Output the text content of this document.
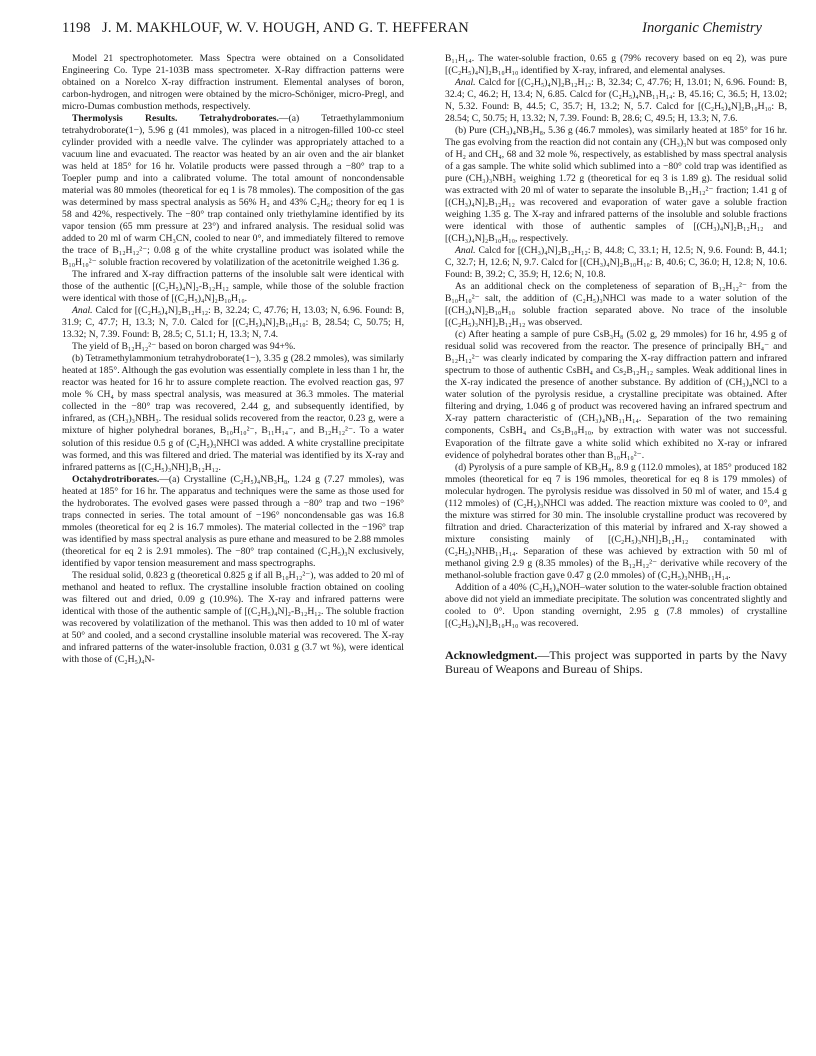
1198 J. M. MAKHLOUF, W. V. HOUGH, AND G. T. HEFFERAN	Inorganic Chemistry

Model 21 spectrophotometer. Mass Spectra were obtained on a Consolidated Engineering Co. Type 21-103B mass spectrometer. X-Ray diffraction patterns were obtained on a Norelco X-ray diffraction instrument. Elemental analyses of boron, carbon-hydrogen, and nitrogen were obtained by the micro-Schöniger, micro-Pregl, and micro-Dumas combustion methods, respectively.

Thermolysis Results. Tetrahydroborates.—(a) Tetraethylammonium tetrahydroborate(1−), 5.96 g (41 mmoles), was placed in a nitrogen-filled 100-cc steel cylinder provided with a needle valve. The cylinder was appropriately attached to a vacuum line and evacuated. The reactor was heated by an air oven and the air blanket was held at 185° for 16 hr. Volatile products were passed through a −80° trap to a Toepler pump and into a calibrated volume. The total amount of noncondensable material was 80 mmoles (theoretical for eq 1 is 78 mmoles). The composition of the gas was determined by mass spectral analysis as 56% H₂ and 43% C₂H₆; theory for eq 1 is 58 and 42%, respectively. The −80° trap contained only triethylamine identified by its vapor tension (65 mm pressure at 23°) and infrared analysis. The residual solid was added to 20 ml of warm CH₃CN, cooled to near 0°, and immediately filtered to remove the trace of B₁₂H₁₂²⁻; 0.08 g of the white crystalline product was isolated while the B₁₀H₁₀²⁻ soluble fraction recovered by volatilization of the acetonitrile weighed 1.36 g.

The infrared and X-ray diffraction patterns of the insoluble salt were identical with those of the authentic [(C₂H₅)₄N]₂-B₁₂H₁₂ sample, while those of the soluble fraction were identical with those of [(C₂H₅)₄N]₂B₁₀H₁₀.

Anal. Calcd for [(C₂H₅)₄N]₂B₁₂H₁₂: B, 32.24; C, 47.76; H, 13.03; N, 6.96. Found: B, 31.9; C, 47.7; H, 13.3; N, 7.0. Calcd for [(C₂H₅)₄N]₂B₁₀H₁₀: B, 28.54; C, 50.75; H, 13.32; N, 7.39. Found: B, 28.5; C, 51.1; H, 13.3; N, 7.4.

The yield of B₁₂H₁₂²⁻ based on boron charged was 94+%.

(b) Tetramethylammonium tetrahydroborate(1−), 3.35 g (28.2 mmoles), was similarly heated at 185°. Although the gas evolution was essentially complete in less than 1 hr, the reactor was heated for 16 hr to assure complete reaction. The evolved reaction gas, 97 mole % CH₄ by mass spectral analysis, was measured at 36.3 mmoles. The material collected in the −80° trap was recovered, 2.44 g, and subsequently identified, by infrared, as (CH₃)₃NBH₃. The residual solids recovered from the reactor, 0.23 g, were a mixture of higher polyhedral boranes, B₁₀H₁₀²⁻, B₁₁H₁₄⁻, and B₁₂H₁₂²⁻. To a water solution of this residue 0.5 g of (C₂H₅)₃NHCl was added. A white crystalline precipitate was formed, and this was filtered and dried. The material was identified by its X-ray and infrared patterns as [(C₂H₅)₃NH]₂B₁₂H₁₂.

Octahydrotriborates.—(a) Crystalline (C₂H₅)₄NB₃H₈, 1.24 g (7.27 mmoles), was heated at 185° for 16 hr. The apparatus and techniques were the same as those used for the hydroborates. The evolved gases were passed through a −80° trap and two −196° traps connected in series. The total amount of −196° noncondensable gas was 16.8 mmoles (theoretical for eq 2 is 16.7 mmoles). The material collected in the −196° trap was identified by mass spectral analysis as pure ethane and measured to be 2.88 mmoles (theoretical for eq 2 is 2.91 mmoles). The −80° trap contained (C₂H₅)₃N exclusively, identified by vapor tension measurement and mass spectrographs.

The residual solid, 0.823 g (theoretical 0.825 g if all B₁₀H₁₂²⁻), was added to 20 ml of methanol and heated to reflux. The crystalline insoluble fraction obtained on cooling was filtered out and dried, 0.09 g (10.9%). The X-ray and infrared patterns were identical with those of the authentic sample of [(C₂H₅)₄N]₂-B₁₂H₁₂. The soluble fraction was recovered by volatilization of the methanol. This was then added to 10 ml of water at 50° and cooled, and a second crystalline insoluble material was recovered. The X-ray and infrared patterns of the water-insoluble fraction, 0.031 g (3.7 wt %), were identical with those of (C₂H₅)₄N-

B₁₁H₁₄. The water-soluble fraction, 0.65 g (79% recovery based on eq 2), was pure [(C₂H₅)₄N]₂B₁₀H₁₀ identified by X-ray, infrared, and elemental analyses.

Anal. Calcd for [(C₂H₅)₄N]₂B₁₂H₁₂: B, 32.34; C, 47.76; H, 13.01; N, 6.96. Found: B, 32.4; C, 46.2; H, 13.4; N, 6.85. Calcd for (C₂H₅)₄NB₁₁H₁₄: B, 45.16; C, 36.5; H, 13.02; N, 5.32. Found: B, 44.5; C, 35.7; H, 13.2; N, 5.7. Calcd for [(C₂H₅)₄N]₂B₁₀H₁₀: B, 28.54; C, 50.75; H, 13.32; N, 7.39. Found: B, 28.6; C, 49.5; H, 13.3; N, 7.6.

(b) Pure (CH₃)₄NB₃H₈, 5.36 g (46.7 mmoles), was similarly heated at 185° for 16 hr. The gas evolving from the reaction did not contain any (CH₃)₃N but was composed only of H₂ and CH₄, 68 and 32 mole %, respectively, as established by mass spectral analysis of a gas sample. The white solid which sublimed into a −80° cold trap was identified as pure (CH₃)₃NBH₃ weighing 1.72 g (theoretical for eq 3 is 1.89 g). The residual solid was extracted with 20 ml of water to separate the insoluble B₁₂H₁₂²⁻ fraction; 1.41 g of [(CH₃)₄N]₂B₁₂H₁₂ was recovered and evaporation of water gave a soluble fraction weighing 1.35 g. The X-ray and infrared patterns of the insoluble and soluble fractions were identical with those of authentic samples of [(CH₃)₄N]₂B₁₂H₁₂ and [(CH₃)₄N]₂B₁₀H₁₀, respectively.

Anal. Calcd for [(CH₃)₄N]₂B₁₂H₁₂: B, 44.8; C, 33.1; H, 12.5; N, 9.6. Found: B, 44.1; C, 32.7; H, 12.6; N, 9.7. Calcd for [(CH₃)₄N]₂B₁₀H₁₀: B, 40.6; C, 36.0; H, 12.8; N, 10.6. Found: B, 39.2; C, 35.9; H, 12.6; N, 10.8.

As an additional check on the completeness of separation of B₁₂H₁₂²⁻ from the B₁₀H₁₀²⁻ salt, the addition of (C₂H₅)₃NHCl was made to a water solution of the [(CH₃)₄N]₂B₁₀H₁₀ soluble fraction separated above. No trace of the insoluble [(C₂H₅)₃NH]₂B₁₂H₁₂ was observed.

(c) After heating a sample of pure CsB₃H₈ (5.02 g, 29 mmoles) for 16 hr, 4.95 g of residual solid was recovered from the reactor. The presence of principally BH₄⁻ and B₁₂H₁₂²⁻ was clearly indicated by comparing the X-ray diffraction pattern and infrared spectrum to those of authentic CsBH₄ and Cs₂B₁₂H₁₂ samples. Weak additional lines in the X-ray indicated the presence of another substance. By addition of (CH₃)₄NCl to a water solution of the pyrolysis residue, a crystalline precipitate was obtained. After filtering and drying, 1.046 g of product was recovered having an infrared spectrum and X-ray pattern characteristic of (CH₃)₄NB₁₁H₁₄. Separation of the two remaining components, CsBH₄ and Cs₂B₁₀H₁₀, by extraction with water was not successful. Evaporation of the filtrate gave a white solid which exhibited no X-ray or infrared evidence of polyhedral borates other than B₁₀H₁₀²⁻.

(d) Pyrolysis of a pure sample of KB₃H₈, 8.9 g (112.0 mmoles), at 185° produced 182 mmoles (theoretical for eq 7 is 196 mmoles, theoretical for eq 8 is 179 mmoles) of molecular hydrogen. The pyrolysis residue was dissolved in 50 ml of water, and 15.4 g (112 mmoles) of (C₂H₅)₃NHCl was added. The reaction mixture was cooled to 0°, and the mixture was stirred for 30 min. The insoluble crystalline product was recovered by filtration and dried. Characterization of this material by infrared and X-ray showed a mixture consisting mainly of [(C₂H₅)₃NH]₂B₁₂H₁₂ contaminated with (C₂H₅)₃NHB₁₁H₁₄. Separation of these was achieved by extraction with 50 ml of methanol giving 2.9 g (8.35 mmoles) of the B₁₂H₁₂²⁻ derivative while recovery of the methanol-soluble fraction gave 0.47 g (2.0 mmoles) of (C₂H₅)₃NHB₁₁H₁₄.

Addition of a 40% (C₂H₅)₄NOH–water solution to the water-soluble fraction obtained above did not yield an immediate precipitate. The solution was concentrated slightly and cooled to 0°. Upon standing overnight, 2.95 g (7.8 mmoles) of crystalline [(C₂H₅)₄N]₂B₁₀H₁₀ was recovered.

Acknowledgment.—This project was supported in parts by the Navy Bureau of Weapons and Bureau of Ships.
